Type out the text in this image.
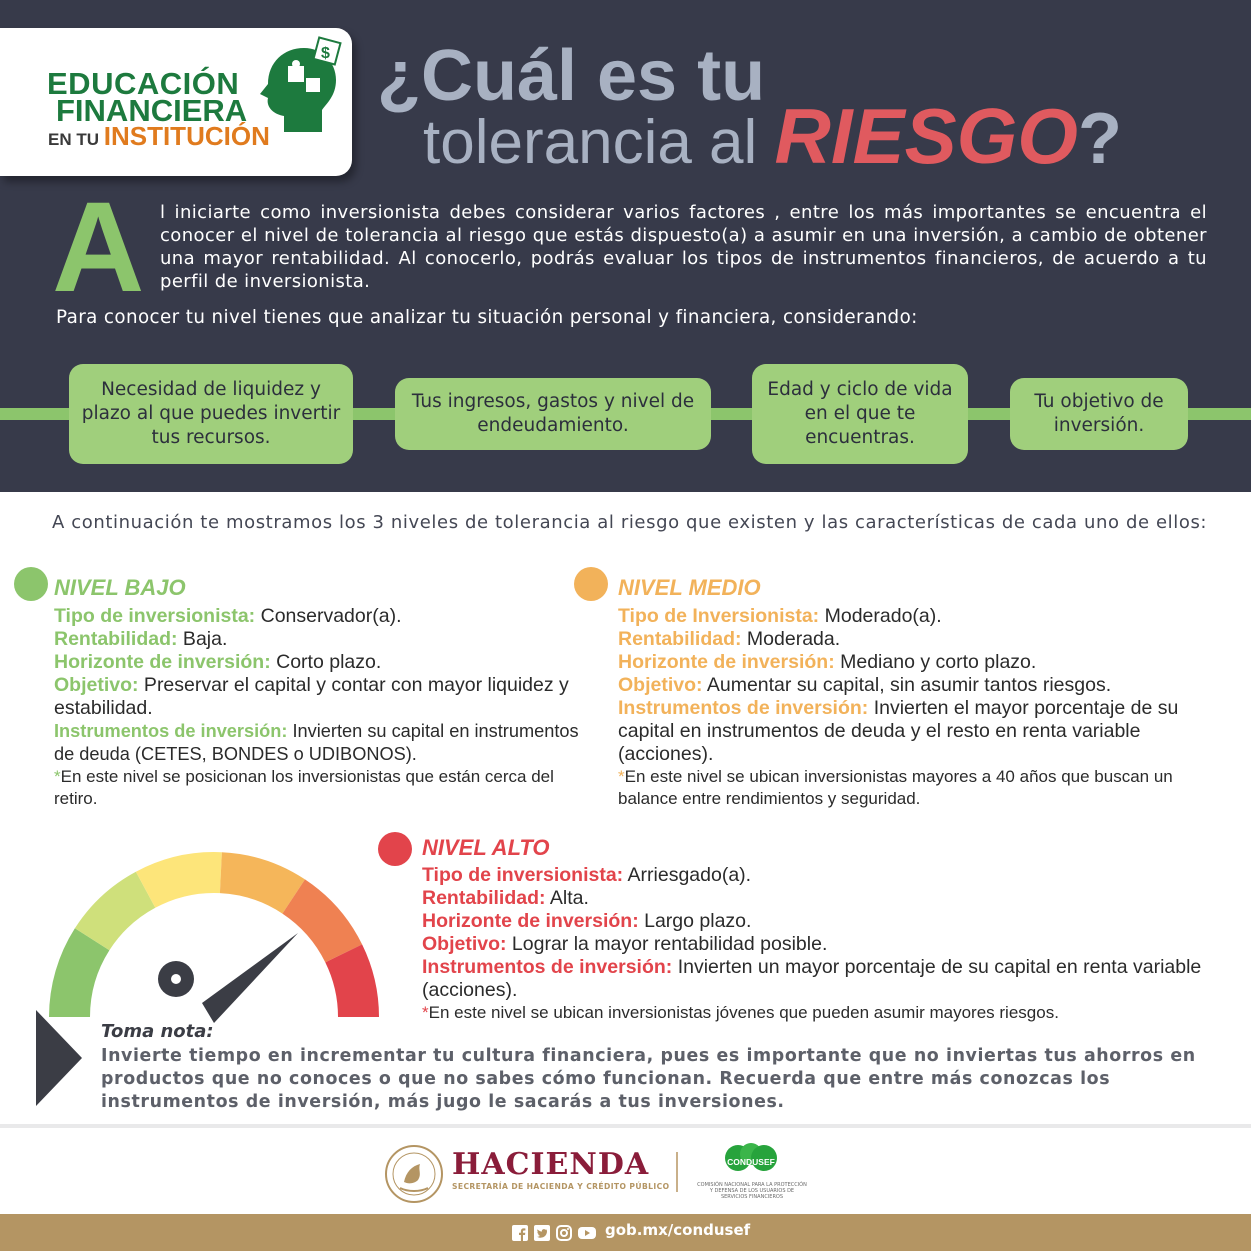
EDUCACIÓN
FINANCIERA
EN TU INSTITUCIÓN
$ ¿Cuál es tu
tolerancia al RIESGO?
A l iniciarte como inversionista debes considerar varios factores , entre los más importantes se encuentra el conocer el nivel de tolerancia al riesgo que estás dispuesto(a) a asumir en una inversión, a cambio de obtener una mayor rentabilidad. Al conocerlo, podrás evaluar los tipos de instrumentos financieros, de acuerdo a tu perfil de inversionista.
Para conocer tu nivel tienes que analizar tu situación personal y financiera, considerando:
Necesidad de liquidez y plazo al que puedes invertir tus recursos.
Tus ingresos, gastos y nivel de endeudamiento.
Edad y ciclo de vida en el que te encuentras.
Tu objetivo de inversión.
A continuación te mostramos los 3 niveles de tolerancia al riesgo que existen y las características de cada uno de ellos:
NIVEL BAJO

Tipo de inversionista: Conservador(a).

Rentabilidad: Baja.

Horizonte de inversión: Corto plazo.

Objetivo: Preservar el capital y contar con mayor liquidez y estabilidad.

Instrumentos de inversión: Invierten su capital en instrumentos de deuda (CETES, BONDES o UDIBONOS).

*En este nivel se posicionan los inversionistas que están cerca del retiro.

NIVEL MEDIO

Tipo de Inversionista: Moderado(a).

Rentabilidad: Moderada.

Horizonte de inversión: Mediano y corto plazo.

Objetivo: Aumentar su capital, sin asumir tantos riesgos.

Instrumentos de inversión: Invierten el mayor porcentaje de su capital en instrumentos de deuda y el resto en renta variable (acciones).

*En este nivel se ubican inversionistas mayores a 40 años que buscan un balance entre rendimientos y seguridad.

NIVEL ALTO

Tipo de inversionista: Arriesgado(a).

Rentabilidad: Alta.

Horizonte de inversión: Largo plazo.

Objetivo: Lograr la mayor rentabilidad posible.

Instrumentos de inversión: Invierten un mayor porcentaje de su capital en renta variable (acciones).

*En este nivel se ubican inversionistas jóvenes que pueden asumir mayores riesgos.

Toma nota:
Invierte tiempo en incrementar tu cultura financiera, pues es importante que no inviertas tus ahorros en productos que no conoces o que no sabes cómo funcionan. Recuerda que entre más conozcas los instrumentos de inversión, más jugo le sacarás a tus inversiones.
HACIENDA
SECRETARÍA DE HACIENDA Y CRÉDITO PÚBLICO
CONDUSEF
COMISIÓN NACIONAL PARA LA PROTECCIÓN Y DEFENSA DE LOS USUARIOS DE SERVICIOS FINANCIEROS
gob.mx/condusef
